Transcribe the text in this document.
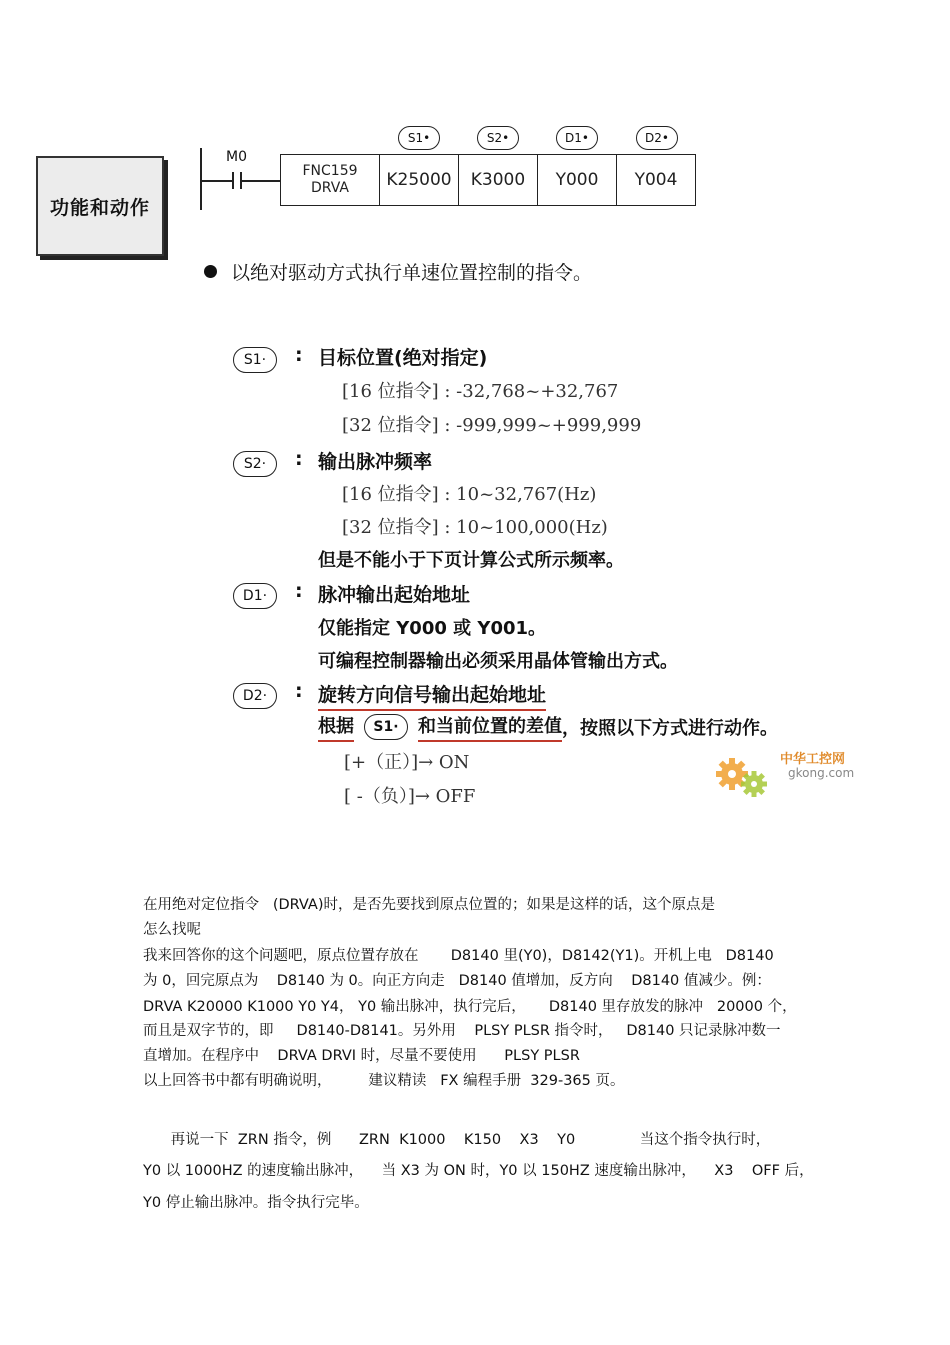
功能和动作
M0
FNC159
DRVA	K25000	K3000	Y000	Y004
S1•	S2•	D1•	D2•
以绝对驱动方式执行单速位置控制的指令。
S1·	: 目标位置(绝对指定)
[16 位指令] : -32,768~+32,767
[32 位指令] : -999,999~+999,999
S2·	: 输出脉冲频率
[16 位指令] : 10~32,767(Hz)
[32 位指令] : 10~100,000(Hz)
但是不能小于下页计算公式所示频率。
D1·	: 脉冲输出起始地址
仅能指定 Y000 或 Y001。
可编程控制器输出必须采用晶体管输出方式。
D2·	: 旋转方向信号输出起始地址
根据	S1·	和当前位置的差值 ，按照以下方式进行动作。
[+（正）]→ ON
[ -（负）]→ OFF
中华工控网
gkong.com
在用绝对定位指令   (DRVA)时，是否先要找到原点位置的；如果是这样的话，这个原点是
怎么找呢
我来回答你的这个问题吧，原点位置存放在       D8140 里(Y0)，D8142(Y1)。开机上电   D8140
为 0，回完原点为    D8140 为 0。向正方向走   D8140 值增加，反方向    D8140 值减少。例：
DRVA K20000 K1000 Y0 Y4， Y0 输出脉冲，执行完后，     D8140 里存放发的脉冲   20000 个，
而且是双字节的，即     D8140-D8141。另外用    PLSY PLSR 指令时，   D8140 只记录脉冲数一
直增加。在程序中    DRVA DRVI 时，尽量不要使用      PLSY PLSR
以上回答书中都有明确说明，        建议精读   FX 编程手册  329-365 页。
再说一下  ZRN 指令，例      ZRN  K1000    K150    X3    Y0              当这个指令执行时，
Y0 以 1000HZ 的速度输出脉冲，    当 X3 为 ON 时，Y0 以 150HZ 速度输出脉冲，    X3    OFF 后，
Y0 停止输出脉冲。指令执行完毕。
